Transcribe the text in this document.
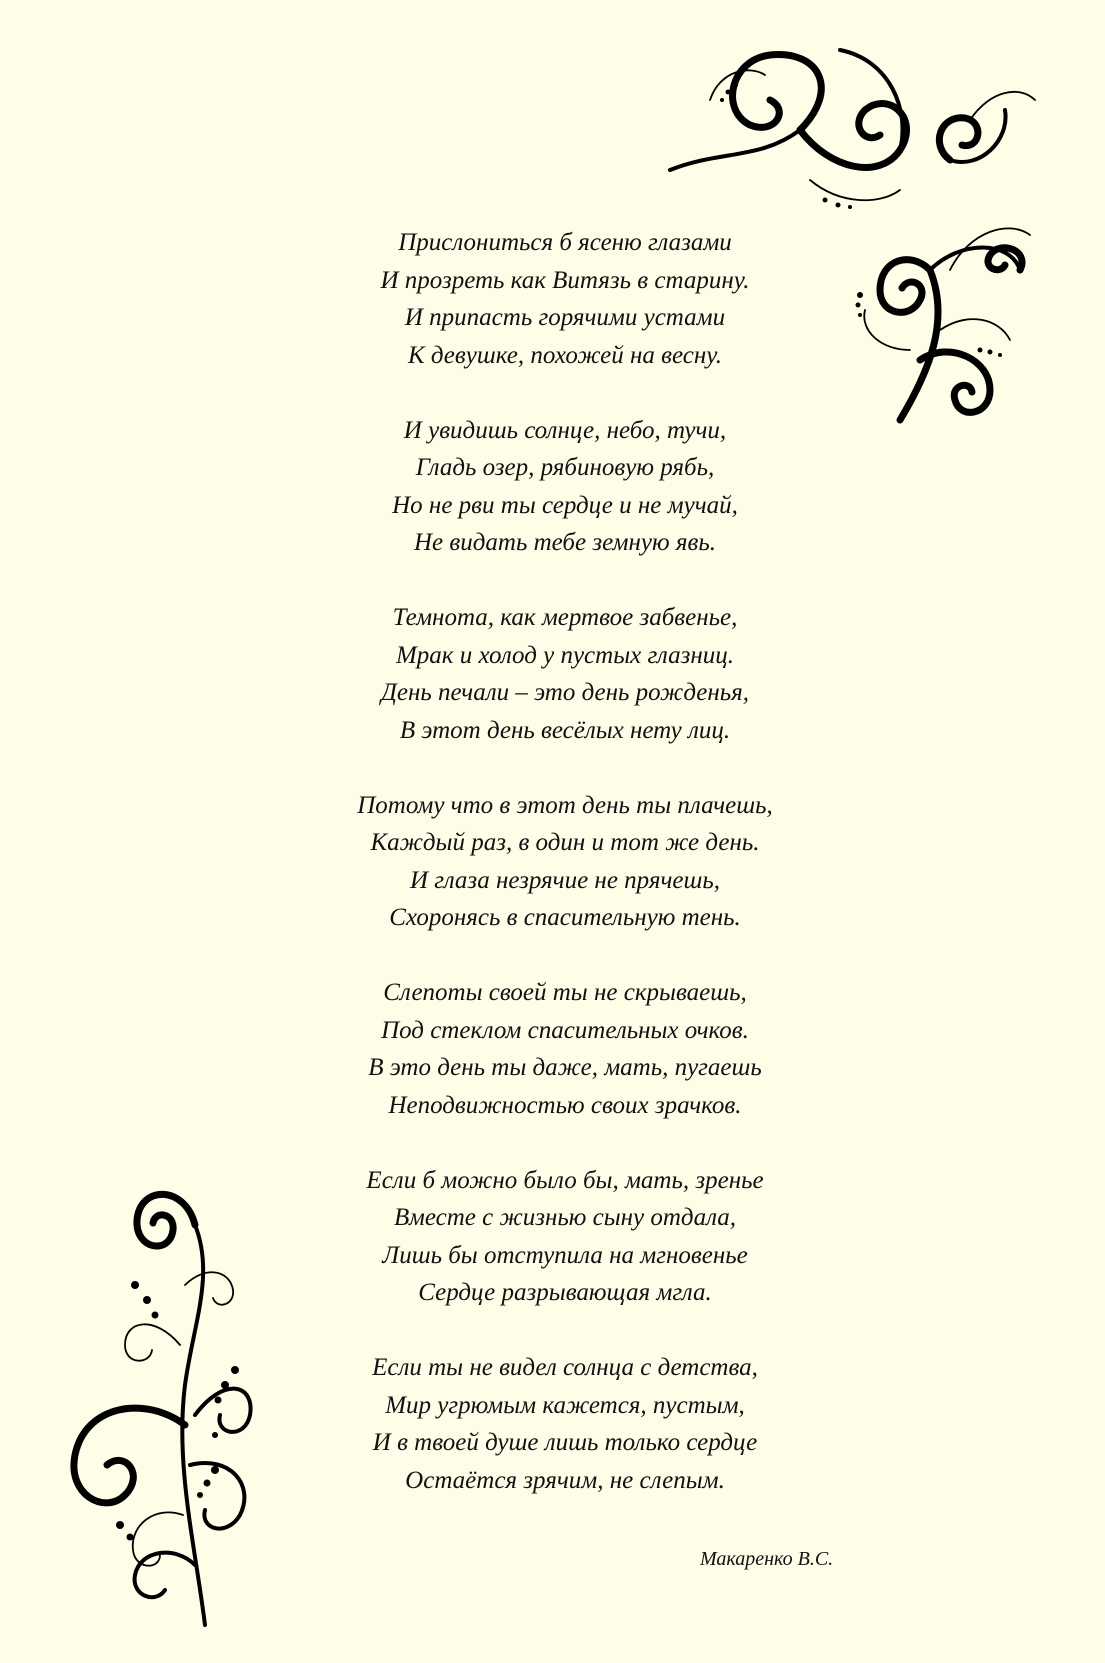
Прислониться б ясеню глазами
И прозреть как Витязь в старину.
И припасть горячими устами
К девушке, похожей на весну.
И увидишь солнце, небо, тучи,
Гладь озер, рябиновую рябь,
Но не рви ты сердце и не мучай,
Не видать тебе земную явь.
Темнота, как мертвое забвенье,
Мрак и холод у пустых глазниц.
День печали – это день рожденья,
В этот день весёлых нету лиц.
Потому что в этот день ты плачешь,
Каждый раз, в один и тот же день.
И глаза незрячие не прячешь,
Схоронясь в спасительную тень.
Слепоты своей ты не скрываешь,
Под стеклом спасительных очков.
В это день ты даже, мать, пугаешь
Неподвижностью своих зрачков.
Если б можно было бы, мать, зренье
Вместе с жизнью сыну отдала,
Лишь бы отступила на мгновенье
Сердце разрывающая мгла.
Если ты не видел солнца с детства,
Мир угрюмым кажется, пустым,
И в твоей душе лишь только сердце
Остаётся зрячим, не слепым.
Макаренко В.С.
